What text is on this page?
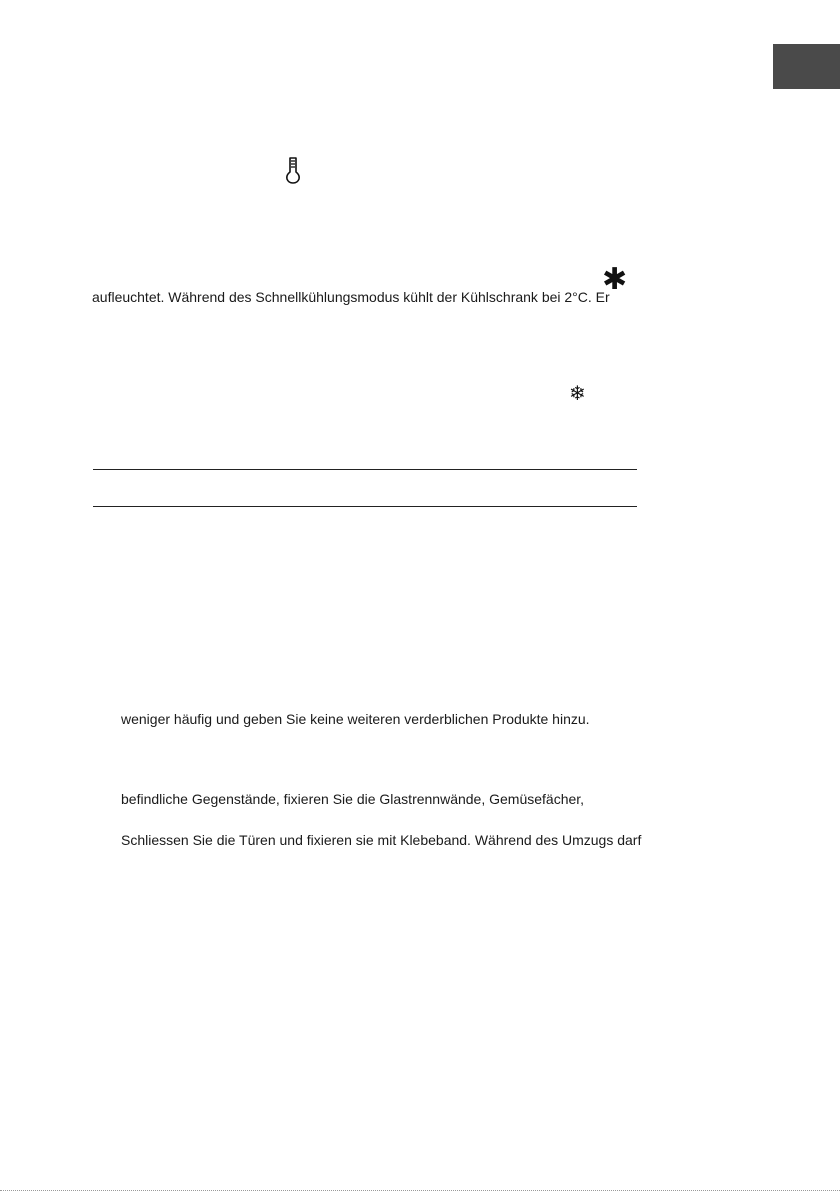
✱
❄
aufleuchtet. Während des Schnellkühlungsmodus kühlt der Kühlschrank bei 2°C. Er
weniger häufig und geben Sie keine weiteren verderblichen Produkte hinzu.
befindliche Gegenstände, fixieren Sie die Glastrennwände, Gemüsefächer,
Schliessen Sie die Türen und fixieren sie mit Klebeband. Während des Umzugs darf
